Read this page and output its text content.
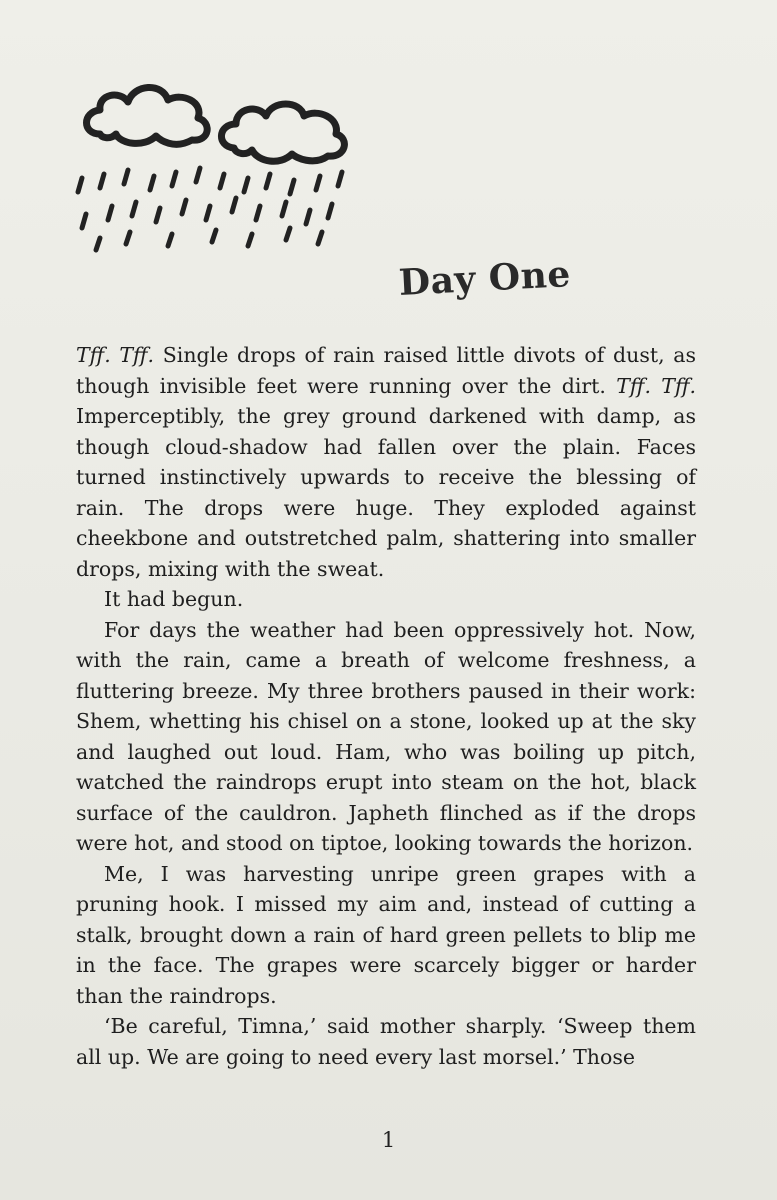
Day One

Tff. Tff. Single drops of rain raised little divots of dust, as though invisible feet were running over the dirt. Tff. Tff. Imperceptibly, the grey ground darkened with damp, as though cloud-shadow had fallen over the plain. Faces turned instinctively upwards to receive the blessing of rain. The drops were huge. They exploded against cheekbone and outstretched palm, shattering into smaller drops, mixing with the sweat.

It had begun.

For days the weather had been oppressively hot. Now, with the rain, came a breath of welcome freshness, a fluttering breeze. My three brothers paused in their work: Shem, whetting his chisel on a stone, looked up at the sky and laughed out loud. Ham, who was boiling up pitch, watched the raindrops erupt into steam on the hot, black surface of the cauldron. Japheth flinched as if the drops were hot, and stood on tiptoe, looking towards the horizon.

Me, I was harvesting unripe green grapes with a pruning hook. I missed my aim and, instead of cutting a stalk, brought down a rain of hard green pellets to blip me in the face. The grapes were scarcely bigger or harder than the raindrops.

‘Be careful, Timna,’ said mother sharply. ‘Sweep them all up. We are going to need every last morsel.’ Those

1
